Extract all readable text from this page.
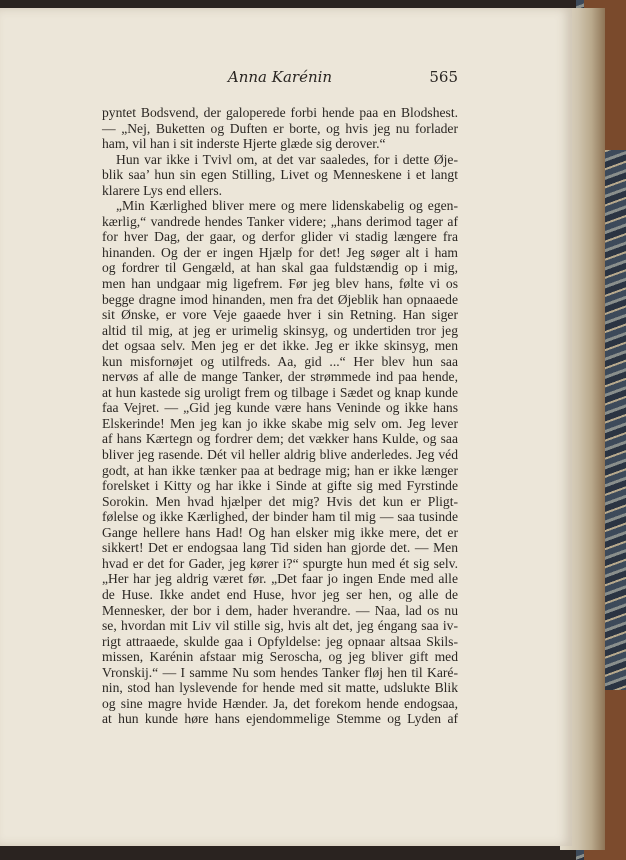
Anna Karénin	565
pyntet Bodsvend, der galoperede forbi hende paa en Blodshest.
— „Nej, Buketten og Duften er borte, og hvis jeg nu forlader
ham, vil han i sit inderste Hjerte glæde sig derover.“
Hun var ikke i Tvivl om, at det var saaledes, for i dette Øje-
blik saa’ hun sin egen Stilling, Livet og Menneskene i et langt
klarere Lys end ellers.
„Min Kærlighed bliver mere og mere lidenskabelig og egen-
kærlig,“ vandrede hendes Tanker videre; „hans derimod tager af
for hver Dag, der gaar, og derfor glider vi stadig længere fra
hinanden. Og der er ingen Hjælp for det! Jeg søger alt i ham
og fordrer til Gengæld, at han skal gaa fuldstændig op i mig,
men han undgaar mig ligefrem. Før jeg blev hans, følte vi os
begge dragne imod hinanden, men fra det Øjeblik han opnaaede
sit Ønske, er vore Veje gaaede hver i sin Retning. Han siger
altid til mig, at jeg er urimelig skinsyg, og undertiden tror jeg
det ogsaa selv. Men jeg er det ikke. Jeg er ikke skinsyg, men
kun misfornøjet og utilfreds. Aa, gid ...“ Her blev hun saa
nervøs af alle de mange Tanker, der strømmede ind paa hende,
at hun kastede sig uroligt frem og tilbage i Sædet og knap kunde
faa Vejret. — „Gid jeg kunde være hans Veninde og ikke hans
Elskerinde! Men jeg kan jo ikke skabe mig selv om. Jeg lever
af hans Kærtegn og fordrer dem; det vækker hans Kulde, og saa
bliver jeg rasende. Dét vil heller aldrig blive anderledes. Jeg véd
godt, at han ikke tænker paa at bedrage mig; han er ikke længer
forelsket i Kitty og har ikke i Sinde at gifte sig med Fyrstinde
Sorokin. Men hvad hjælper det mig? Hvis det kun er Pligt-
følelse og ikke Kærlighed, der binder ham til mig — saa tusinde
Gange hellere hans Had! Og han elsker mig ikke mere, det er
sikkert! Det er endogsaa lang Tid siden han gjorde det. — Men
hvad er det for Gader, jeg kører i?“ spurgte hun med ét sig selv.
„Her har jeg aldrig været før. „Det faar jo ingen Ende med alle
de Huse. Ikke andet end Huse, hvor jeg ser hen, og alle de
Mennesker, der bor i dem, hader hverandre. — Naa, lad os nu
se, hvordan mit Liv vil stille sig, hvis alt det, jeg éngang saa iv-
rigt attraaede, skulde gaa i Opfyldelse: jeg opnaar altsaa Skils-
missen, Karénin afstaar mig Seroscha, og jeg bliver gift med
Vronskij.“ — I samme Nu som hendes Tanker fløj hen til Karé-
nin, stod han lyslevende for hende med sit matte, udslukte Blik
og sine magre hvide Hænder. Ja, det forekom hende endogsaa,
at hun kunde høre hans ejendommelige Stemme og Lyden af
